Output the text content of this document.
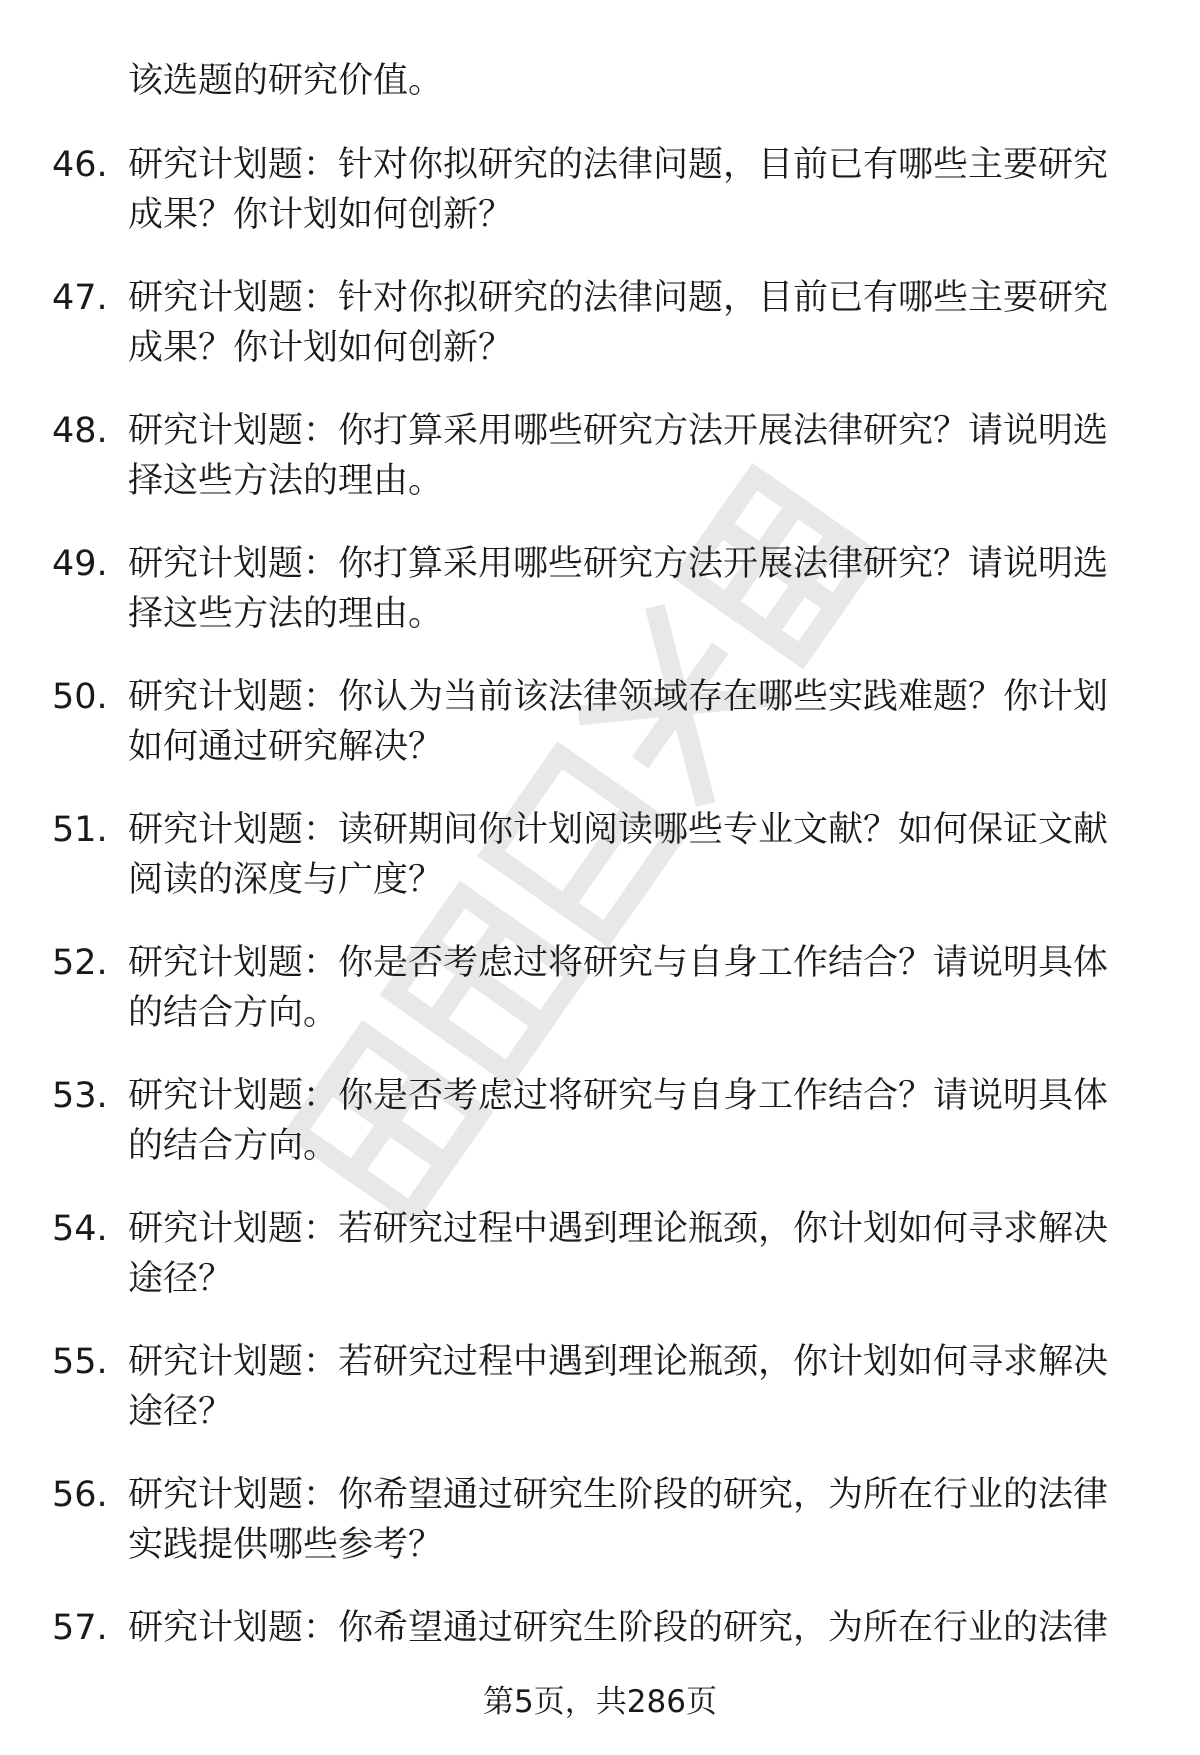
该选题的研究价值。
46. 研究计划题：针对你拟研究的法律问题，目前已有哪些主要研究
成果？你计划如何创新？
47. 研究计划题：针对你拟研究的法律问题，目前已有哪些主要研究
成果？你计划如何创新？
48. 研究计划题：你打算采用哪些研究方法开展法律研究？请说明选
择这些方法的理由。
49. 研究计划题：你打算采用哪些研究方法开展法律研究？请说明选
择这些方法的理由。
50. 研究计划题：你认为当前该法律领域存在哪些实践难题？你计划
如何通过研究解决？
51. 研究计划题：读研期间你计划阅读哪些专业文献？如何保证文献
阅读的深度与广度？
52. 研究计划题：你是否考虑过将研究与自身工作结合？请说明具体
的结合方向。
53. 研究计划题：你是否考虑过将研究与自身工作结合？请说明具体
的结合方向。
54. 研究计划题：若研究过程中遇到理论瓶颈，你计划如何寻求解决
途径？
55. 研究计划题：若研究过程中遇到理论瓶颈，你计划如何寻求解决
途径？
56. 研究计划题：你希望通过研究生阶段的研究，为所在行业的法律
实践提供哪些参考？
57. 研究计划题：你希望通过研究生阶段的研究，为所在行业的法律
第5页，共286页
